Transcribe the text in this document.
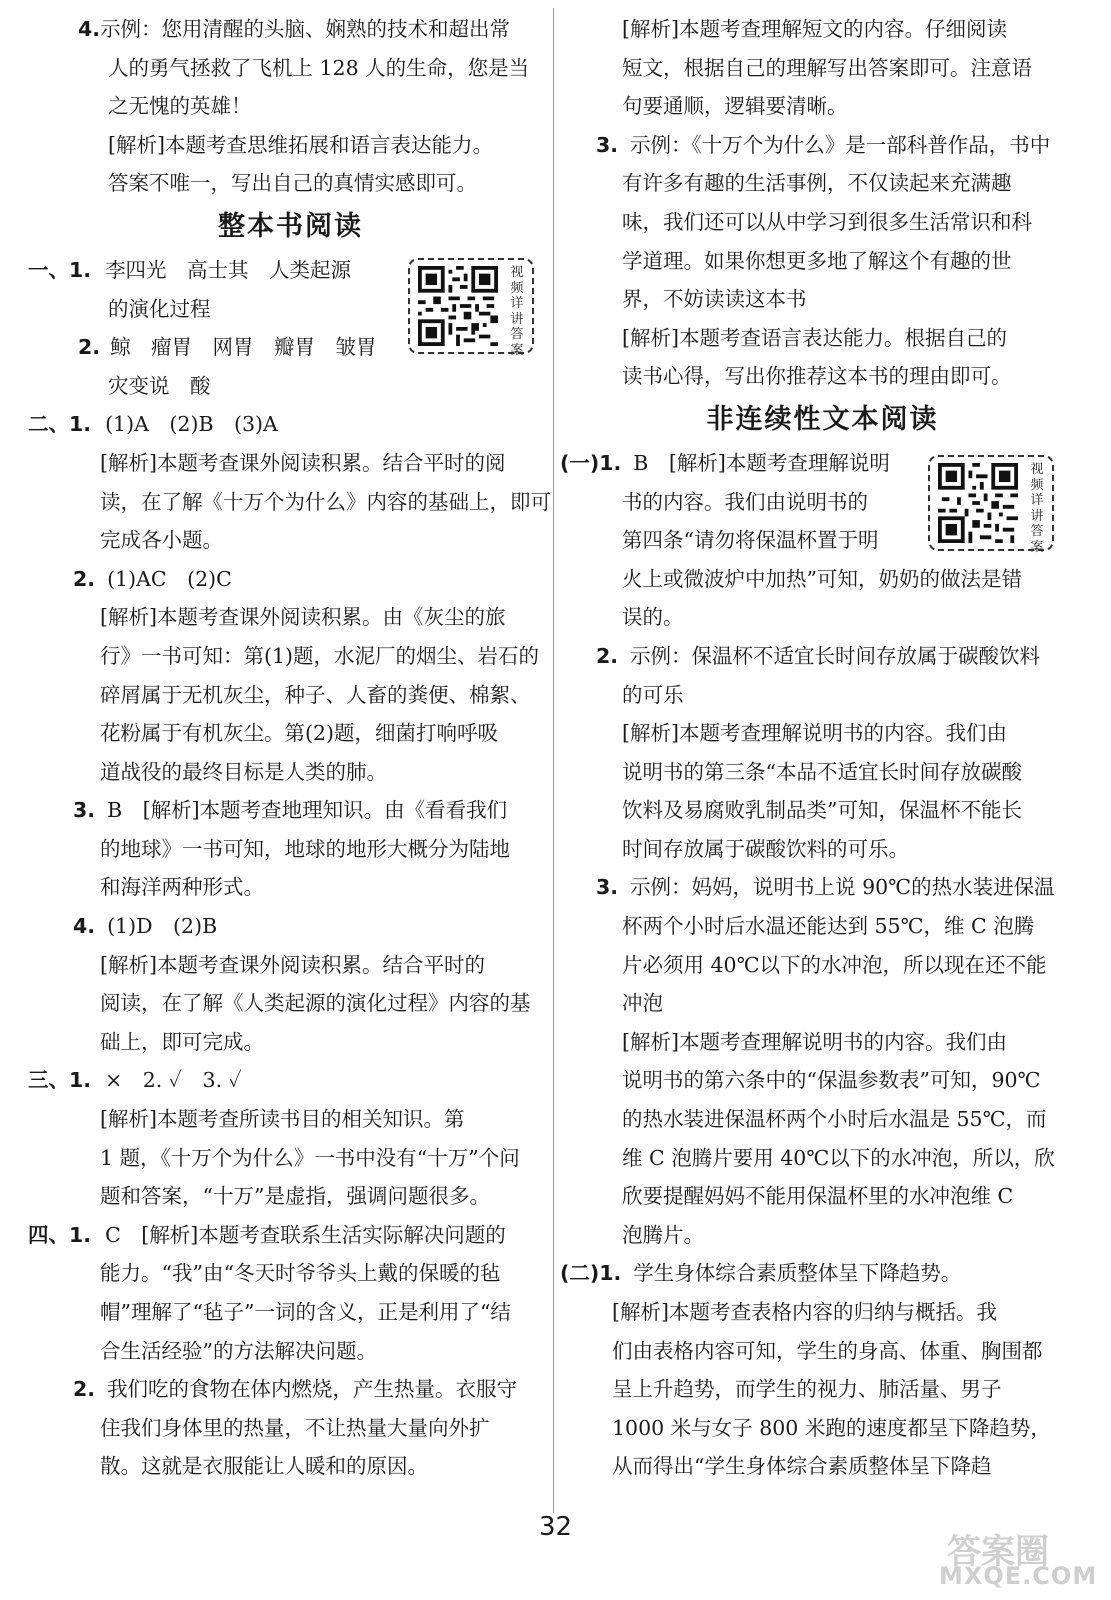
4.示例：您用清醒的头脑、娴熟的技术和超出常

人的勇气拯救了飞机上 128 人的生命，您是当

之无愧的英雄！

[解析]本题考查思维拓展和语言表达能力。

答案不唯一，写出自己的真情实感即可。

整本书阅读

一、1. 李四光　高士其　人类起源

的演化过程

2. 鲸　瘤胃　网胃　瓣胃　皱胃

灾变说　酸

二、1. (1)A　(2)B　(3)A

[解析]本题考查课外阅读积累。结合平时的阅

读，在了解《十万个为什么》内容的基础上，即可

完成各小题。

2. (1)AC　(2)C

[解析]本题考查课外阅读积累。由《灰尘的旅

行》一书可知：第(1)题，水泥厂的烟尘、岩石的

碎屑属于无机灰尘，种子、人畜的粪便、棉絮、

花粉属于有机灰尘。第(2)题，细菌打响呼吸

道战役的最终目标是人类的肺。

3. B　[解析]本题考查地理知识。由《看看我们

的地球》一书可知，地球的地形大概分为陆地

和海洋两种形式。

4. (1)D　(2)B

[解析]本题考查课外阅读积累。结合平时的

阅读，在了解《人类起源的演化过程》内容的基

础上，即可完成。

三、1. ×　2. ✓　3. ✓

[解析]本题考查所读书目的相关知识。第

1 题，《十万个为什么》一书中没有“十万”个问

题和答案，“十万”是虚指，强调问题很多。

四、1. C　[解析]本题考查联系生活实际解决问题的

能力。“我”由“冬天时爷爷头上戴的保暖的毡

帽”理解了“毡子”一词的含义，正是利用了“结

合生活经验”的方法解决问题。

2. 我们吃的食物在体内燃烧，产生热量。衣服守

住我们身体里的热量，不让热量大量向外扩

散。这就是衣服能让人暖和的原因。

视频详讲答案

[解析]本题考查理解短文的内容。仔细阅读

短文，根据自己的理解写出答案即可。注意语

句要通顺，逻辑要清晰。

3. 示例：《十万个为什么》是一部科普作品，书中

有许多有趣的生活事例，不仅读起来充满趣

味，我们还可以从中学习到很多生活常识和科

学道理。如果你想更多地了解这个有趣的世

界，不妨读读这本书

[解析]本题考查语言表达能力。根据自己的

读书心得，写出你推荐这本书的理由即可。

非连续性文本阅读

(一)1. B　[解析]本题考查理解说明

书的内容。我们由说明书的

第四条“请勿将保温杯置于明

火上或微波炉中加热”可知，奶奶的做法是错

误的。

2. 示例：保温杯不适宜长时间存放属于碳酸饮料

的可乐

[解析]本题考查理解说明书的内容。我们由

说明书的第三条“本品不适宜长时间存放碳酸

饮料及易腐败乳制品类”可知，保温杯不能长

时间存放属于碳酸饮料的可乐。

3. 示例：妈妈，说明书上说 90℃的热水装进保温

杯两个小时后水温还能达到 55℃，维 C 泡腾

片必须用 40℃以下的水冲泡，所以现在还不能

冲泡

[解析]本题考查理解说明书的内容。我们由

说明书的第六条中的“保温参数表”可知，90℃

的热水装进保温杯两个小时后水温是 55℃，而

维 C 泡腾片要用 40℃以下的水冲泡，所以，欣

欣要提醒妈妈不能用保温杯里的水冲泡维 C

泡腾片。

(二)1. 学生身体综合素质整体呈下降趋势。

[解析]本题考查表格内容的归纳与概括。我

们由表格内容可知，学生的身高、体重、胸围都

呈上升趋势，而学生的视力、肺活量、男子

1000 米与女子 800 米跑的速度都呈下降趋势，

从而得出“学生身体综合素质整体呈下降趋

视频详讲答案
32
答案圈
MXQE.COM
